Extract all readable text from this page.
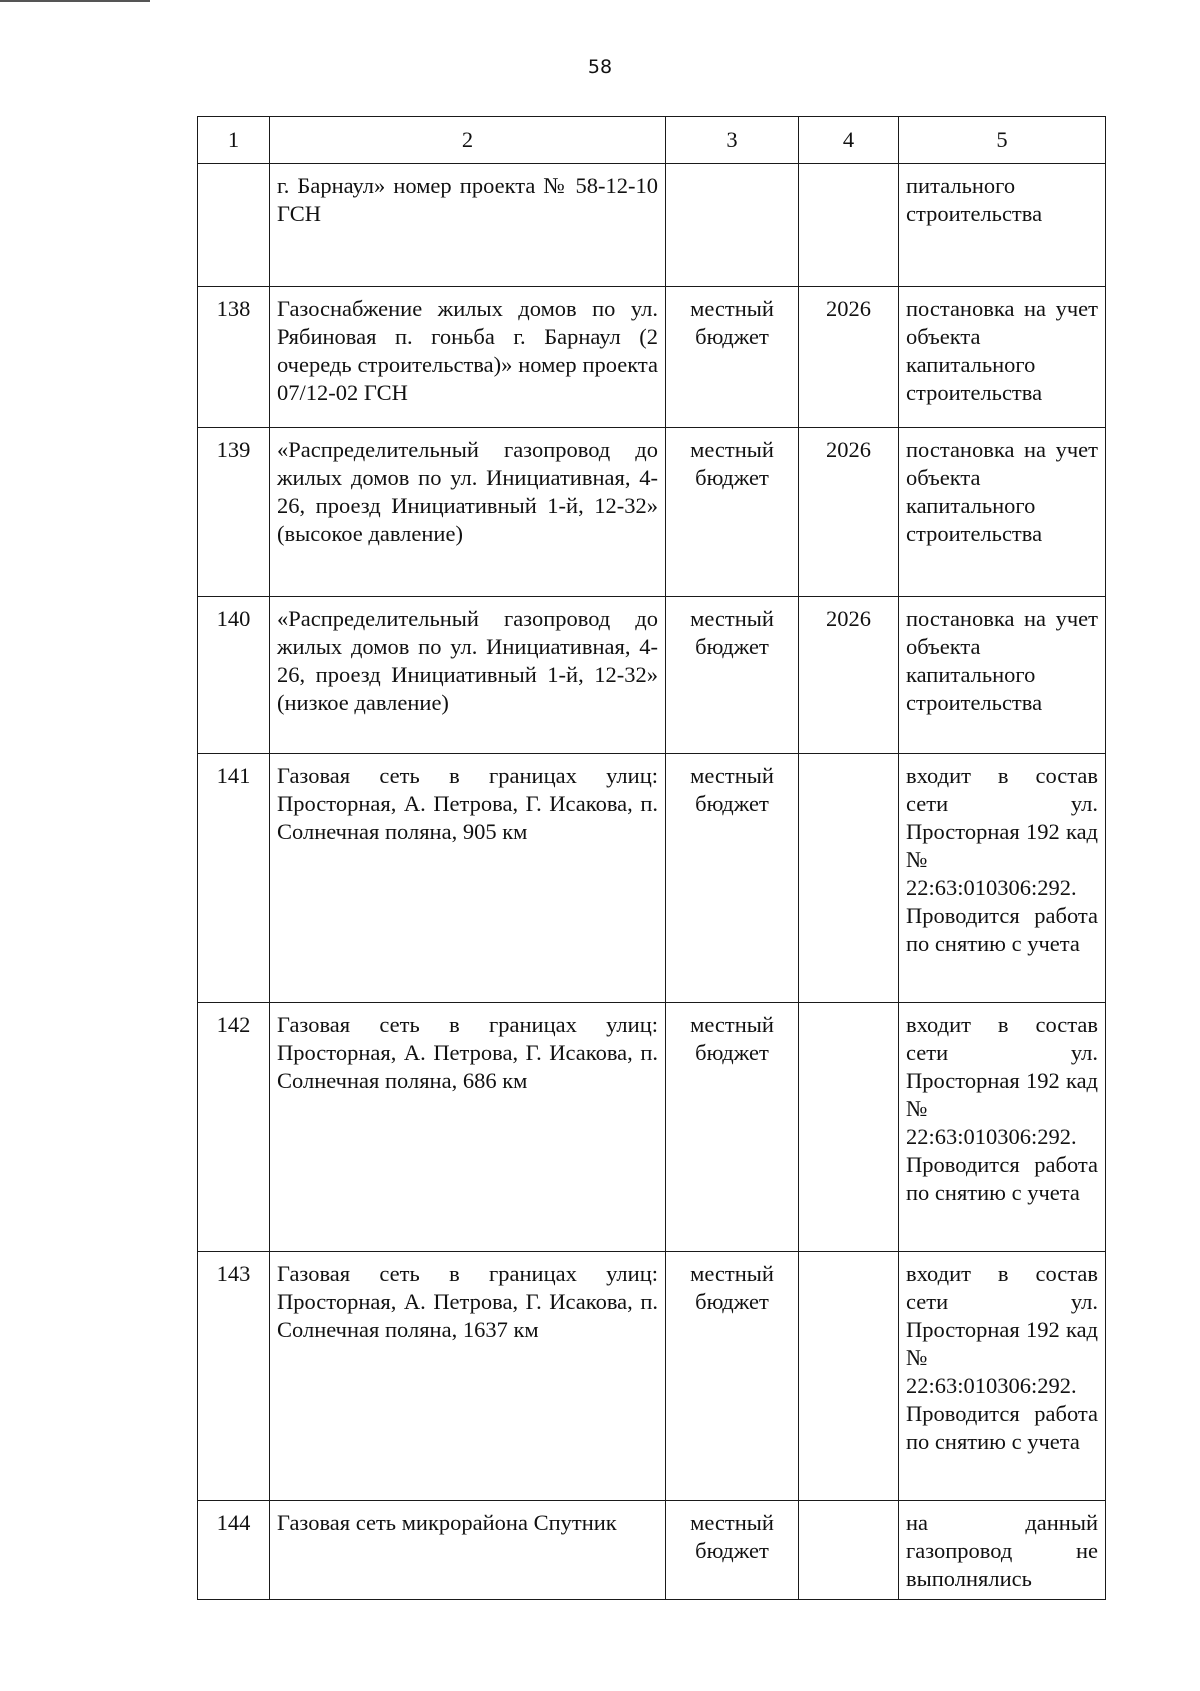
58
1	2	3	4	5
	г. Барнаул» номер проекта № 58-12-10 ГСН			питального строительства
138	Газоснабжение жилых домов по ул. Рябиновая п. гоньба г. Барнаул (2 очередь строительства)» номер проекта 07/12-02 ГСН	местный бюджет	2026	постановка на учет объекта капитального строительства
139	«Распределительный газопровод до жилых домов по ул. Инициативная, 4-26, проезд Инициативный 1-й, 12-32» (высокое давление)	местный бюджет	2026	постановка на учет объекта капитального строительства
140	«Распределительный газопровод до жилых домов по ул. Инициативная, 4-26, проезд Инициативный 1-й, 12-32» (низкое давление)	местный бюджет	2026	постановка на учет объекта капитального строительства
141	Газовая сеть в границах улиц: Просторная, А. Петрова, Г. Исакова, п. Солнечная поляна, 905 км	местный бюджет		входит в состав сети ул. Просторная 192 кад № 22:63:010306:292. Проводится работа по снятию с учета
142	Газовая сеть в границах улиц: Просторная, А. Петрова, Г. Исакова, п. Солнечная поляна, 686 км	местный бюджет		входит в состав сети ул. Просторная 192 кад № 22:63:010306:292. Проводится работа по снятию с учета
143	Газовая сеть в границах улиц: Просторная, А. Петрова, Г. Исакова, п. Солнечная поляна, 1637 км	местный бюджет		входит в состав сети ул. Просторная 192 кад № 22:63:010306:292. Проводится работа по снятию с учета
144	Газовая сеть микрорайона Спутник	местный бюджет		на данный газопровод не выполнялись
